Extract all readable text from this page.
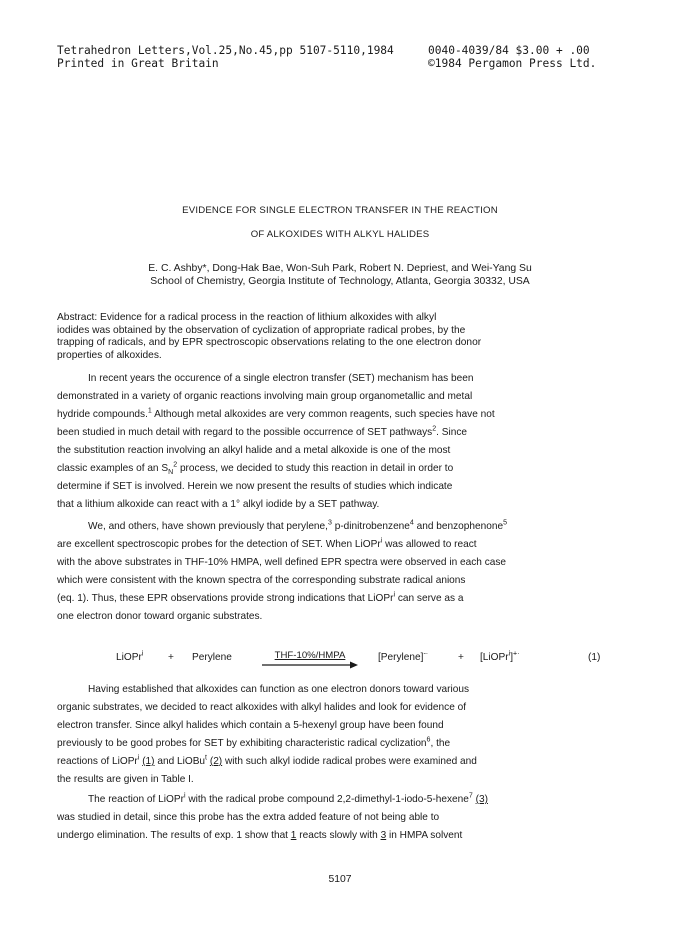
Tetrahedron Letters,Vol.25,No.45,pp 5107-5110,1984
Printed in Great Britain
0040-4039/84 $3.00 + .00
©1984 Pergamon Press Ltd.
EVIDENCE FOR SINGLE ELECTRON TRANSFER IN THE REACTION
OF ALKOXIDES WITH ALKYL HALIDES
E. C. Ashby*, Dong-Hak Bae, Won-Suh Park, Robert N. Depriest, and Wei-Yang Su
School of Chemistry, Georgia Institute of Technology, Atlanta, Georgia 30332, USA
Abstract: Evidence for a radical process in the reaction of lithium alkoxides with alkyl
iodides was obtained by the observation of cyclization of appropriate radical probes, by the
trapping of radicals, and by EPR spectroscopic observations relating to the one electron donor
properties of alkoxides.
In recent years the occurence of a single electron transfer (SET) mechanism has been
demonstrated in a variety of organic reactions involving main group organometallic and metal
hydride compounds.$^1$ Although metal alkoxides are very common reagents, such species have not
been studied in much detail with regard to the possible occurrence of SET pathways$^2$. Since
the substitution reaction involving an alkyl halide and a metal alkoxide is one of the most
classic examples of an $S_N^2$ process, we decided to study this reaction in detail in order to
determine if SET is involved. Herein we now present the results of studies which indicate
that a lithium alkoxide can react with a 1° alkyl iodide by a SET pathway.
We, and others, have shown previously that perylene,$^3$ p-dinitrobenzene$^4$ and benzophenone$^5$
are excellent spectroscopic probes for the detection of SET. When LiOPr$^i$ was allowed to react
with the above substrates in THF-10% HMPA, well defined EPR spectra were observed in each case
which were consistent with the known spectra of the corresponding substrate radical anions
(eq. 1). Thus, these EPR observations provide strong indications that LiOPr$^i$ can serve as a
one electron donor toward organic substrates.
LiOPr$^i$ + Perylene	THF-10%/HMPA	[Perylene]-·	+ [LiOPr$^i$]+·	(1)
Having established that alkoxides can function as one electron donors toward various
organic substrates, we decided to react alkoxides with alkyl halides and look for evidence of
electron transfer. Since alkyl halides which contain a 5-hexenyl group have been found
previously to be good probes for SET by exhibiting characteristic radical cyclization$^6$, the
reactions of LiOPr$^i$ (1) and LiOBu$^t$ (2) with such alkyl iodide radical probes were examined and
the results are given in Table I.
The reaction of LiOPr$^i$ with the radical probe compound 2,2-dimethyl-1-iodo-5-hexene$^7$ (3)
was studied in detail, since this probe has the extra added feature of not being able to
undergo elimination. The results of exp. 1 show that 1 reacts slowly with 3 in HMPA solvent
5107
